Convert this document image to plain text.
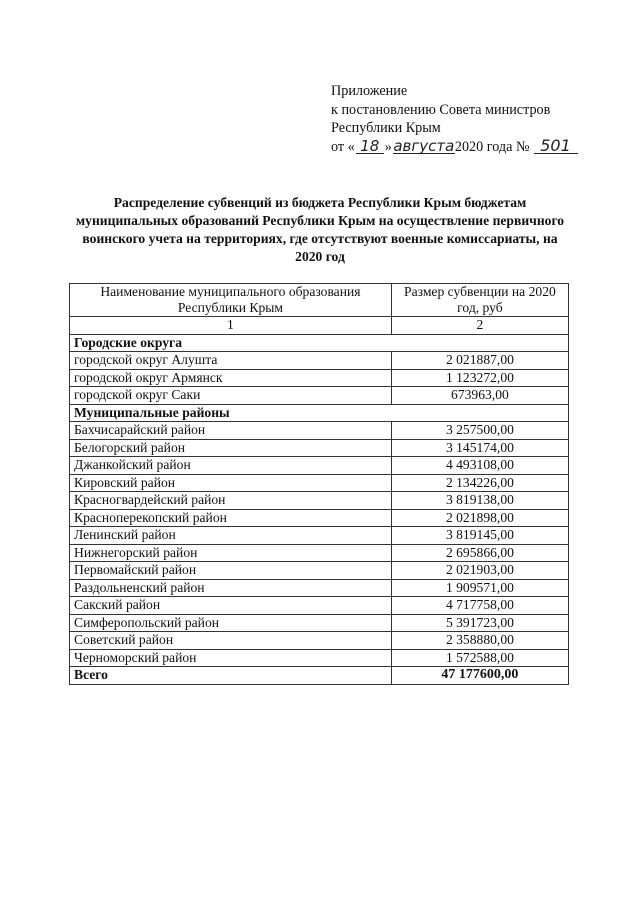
Приложение
к постановлению Совета министров
Республики Крым
от « 18 » августа 2020 года № 501
Распределение субвенций из бюджета Республики Крым бюджетам муниципальных образований Республики Крым на осуществление первичного воинского учета на территориях, где отсутствуют военные комиссариаты, на 2020 год
Наименование муниципального образования Республики Крым	Размер субвенции на 2020 год, руб
1	2
Городские округа	
городской округ Алушта	2 021887,00
городской округ Армянск	1 123272,00
городской округ Саки	673963,00
Муниципальные районы	
Бахчисарайский район	3 257500,00
Белогорский район	3 145174,00
Джанкойский район	4 493108,00
Кировский район	2 134226,00
Красногвардейский район	3 819138,00
Красноперекопский район	2 021898,00
Ленинский район	3 819145,00
Нижнегорский район	2 695866,00
Первомайский район	2 021903,00
Раздольненский район	1 909571,00
Сакский район	4 717758,00
Симферопольский район	5 391723,00
Советский район	2 358880,00
Черноморский район	1 572588,00
Всего	47 177600,00
